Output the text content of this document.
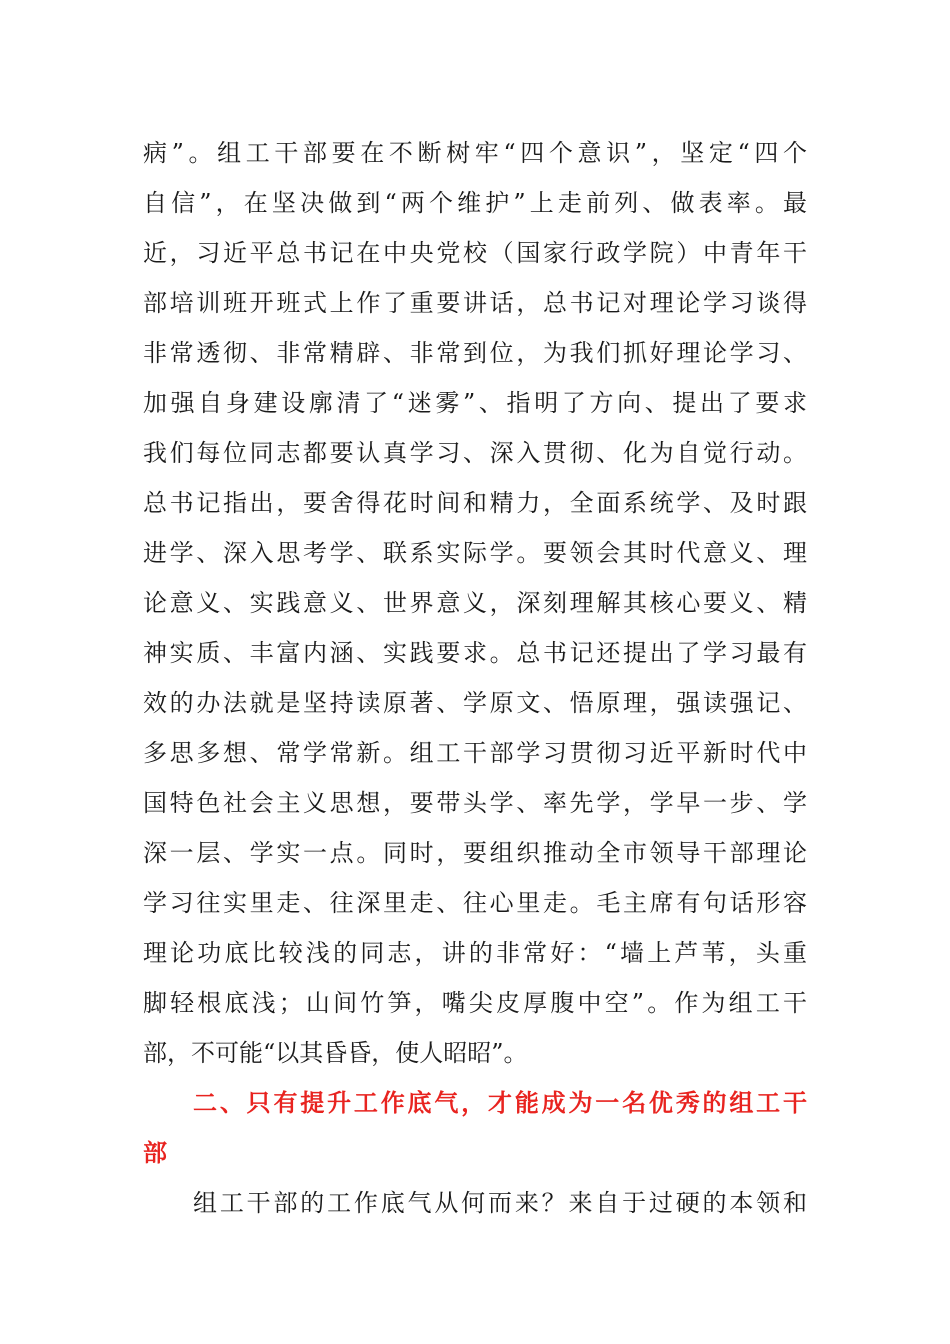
病”。组工干部要在不断树牢“四个意识”，坚定“四个
自信”，在坚决做到“两个维护”上走前列、做表率。最
近，习近平总书记在中央党校（国家行政学院）中青年干
部培训班开班式上作了重要讲话，总书记对理论学习谈得
非常透彻、非常精辟、非常到位，为我们抓好理论学习、
加强自身建设廓清了“迷雾”、指明了方向、提出了要求
我们每位同志都要认真学习、深入贯彻、化为自觉行动。
总书记指出，要舍得花时间和精力，全面系统学、及时跟
进学、深入思考学、联系实际学。要领会其时代意义、理
论意义、实践意义、世界意义，深刻理解其核心要义、精
神实质、丰富内涵、实践要求。总书记还提出了学习最有
效的办法就是坚持读原著、学原文、悟原理，强读强记、
多思多想、常学常新。组工干部学习贯彻习近平新时代中
国特色社会主义思想，要带头学、率先学，学早一步、学
深一层、学实一点。同时，要组织推动全市领导干部理论
学习往实里走、往深里走、往心里走。毛主席有句话形容
理论功底比较浅的同志，讲的非常好：“墙上芦苇，头重
脚轻根底浅；山间竹笋，嘴尖皮厚腹中空”。作为组工干
部，不可能“以其昏昏，使人昭昭”。
二、只有提升工作底气，才能成为一名优秀的组工干
部
组工干部的工作底气从何而来？来自于过硬的本领和
